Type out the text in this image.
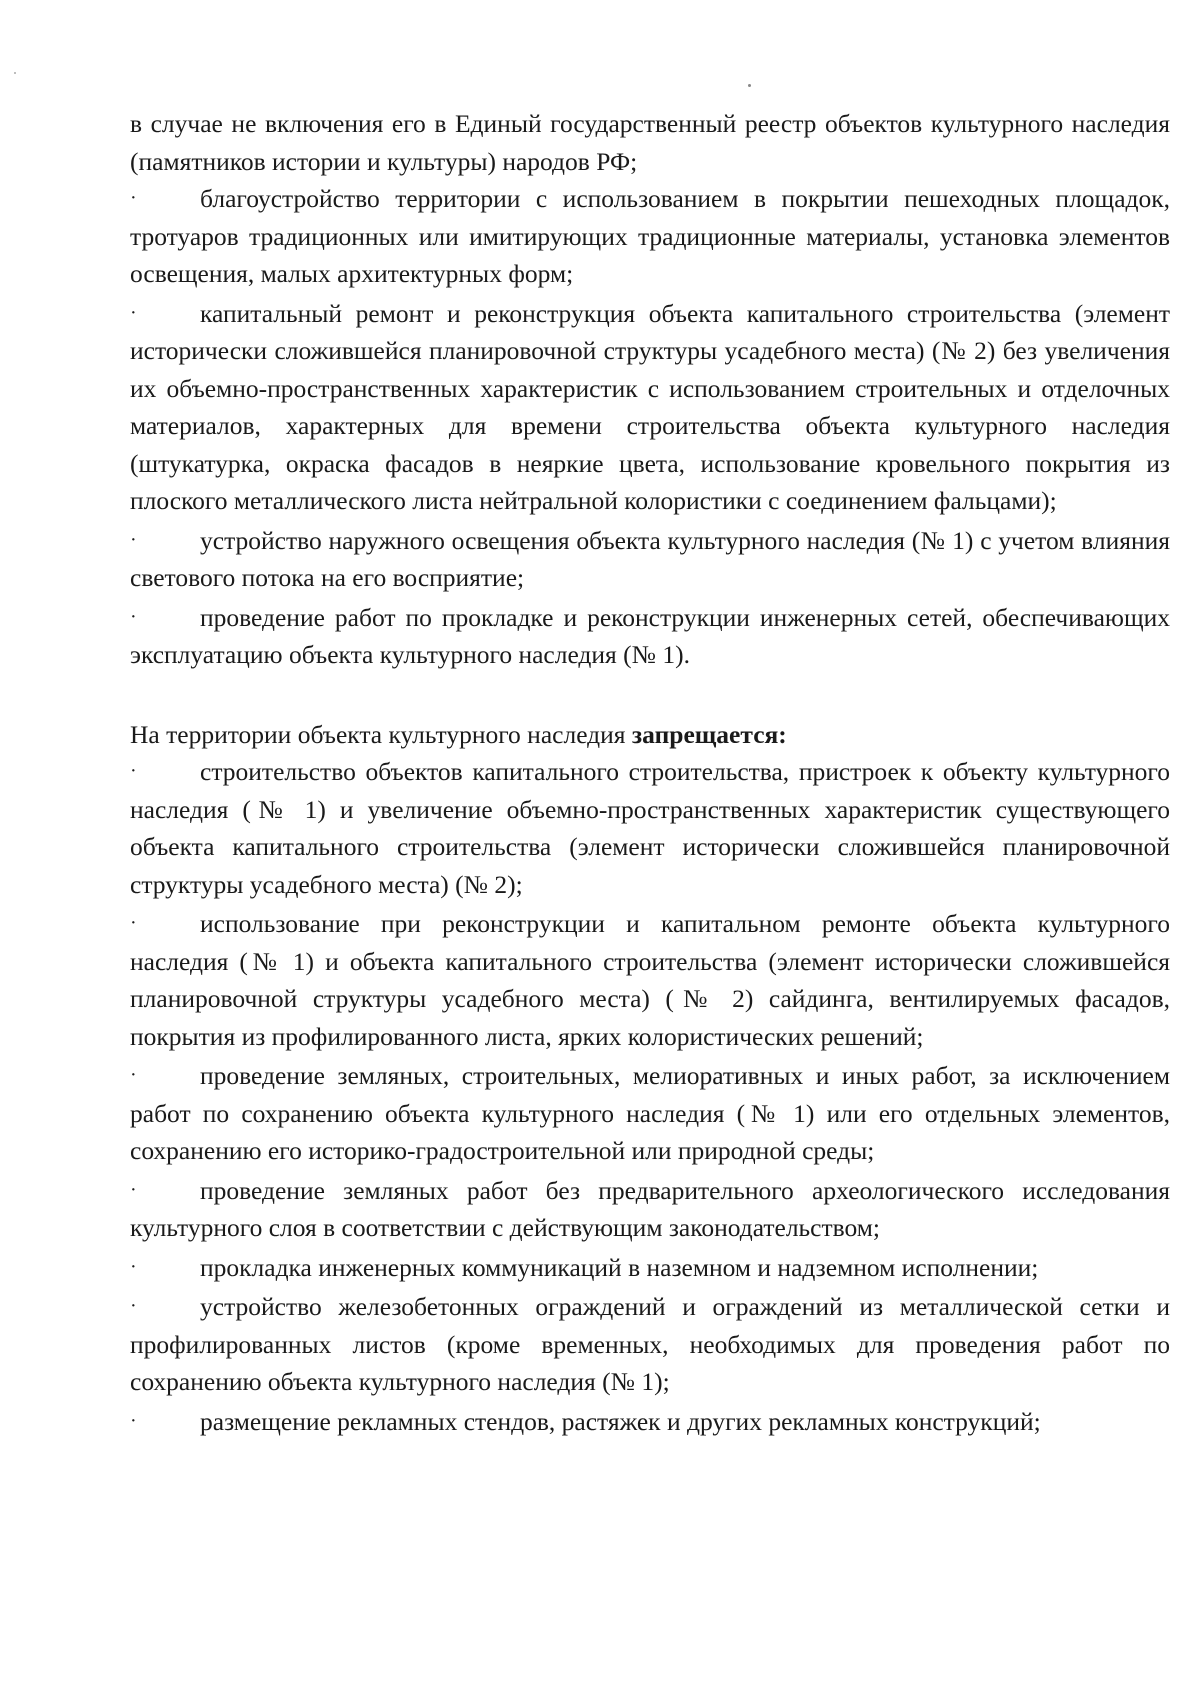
в случае не включения его в Единый государственный реестр объектов культурного наследия (памятников истории и культуры) народов РФ;

· благоустройство территории с использованием в покрытии пешеходных площадок, тротуаров традиционных или имитирующих традиционные материалы, установка элементов освещения, малых архитектурных форм;

· капитальный ремонт и реконструкция объекта капитального строительства (элемент исторически сложившейся планировочной структуры усадебного места) (№ 2) без увеличения их объемно-пространственных характеристик с использованием строительных и отделочных материалов, характерных для времени строительства объекта культурного наследия (штукатурка, окраска фасадов в неяркие цвета, использование кровельного покрытия из плоского металлического листа нейтральной колористики с соединением фальцами);

· устройство наружного освещения объекта культурного наследия (№ 1) с учетом влияния светового потока на его восприятие;

· проведение работ по прокладке и реконструкции инженерных сетей, обеспечивающих эксплуатацию объекта культурного наследия (№ 1).

На территории объекта культурного наследия запрещается:

· строительство объектов капитального строительства, пристроек к объекту культурного наследия (№ 1) и увеличение объемно-пространственных характеристик существующего объекта капитального строительства (элемент исторически сложившейся планировочной структуры усадебного места) (№ 2);

· использование при реконструкции и капитальном ремонте объекта культурного наследия (№ 1) и объекта капитального строительства (элемент исторически сложившейся планировочной структуры усадебного места) (№ 2) сайдинга, вентилируемых фасадов, покрытия из профилированного листа, ярких колористических решений;

· проведение земляных, строительных, мелиоративных и иных работ, за исключением работ по сохранению объекта культурного наследия (№ 1) или его отдельных элементов, сохранению его историко-градостроительной или природной среды;

· проведение земляных работ без предварительного археологического исследования культурного слоя в соответствии с действующим законодательством;

· прокладка инженерных коммуникаций в наземном и надземном исполнении;

· устройство железобетонных ограждений и ограждений из металлической сетки и профилированных листов (кроме временных, необходимых для проведения работ по сохранению объекта культурного наследия (№ 1);

· размещение рекламных стендов, растяжек и других рекламных конструкций;
